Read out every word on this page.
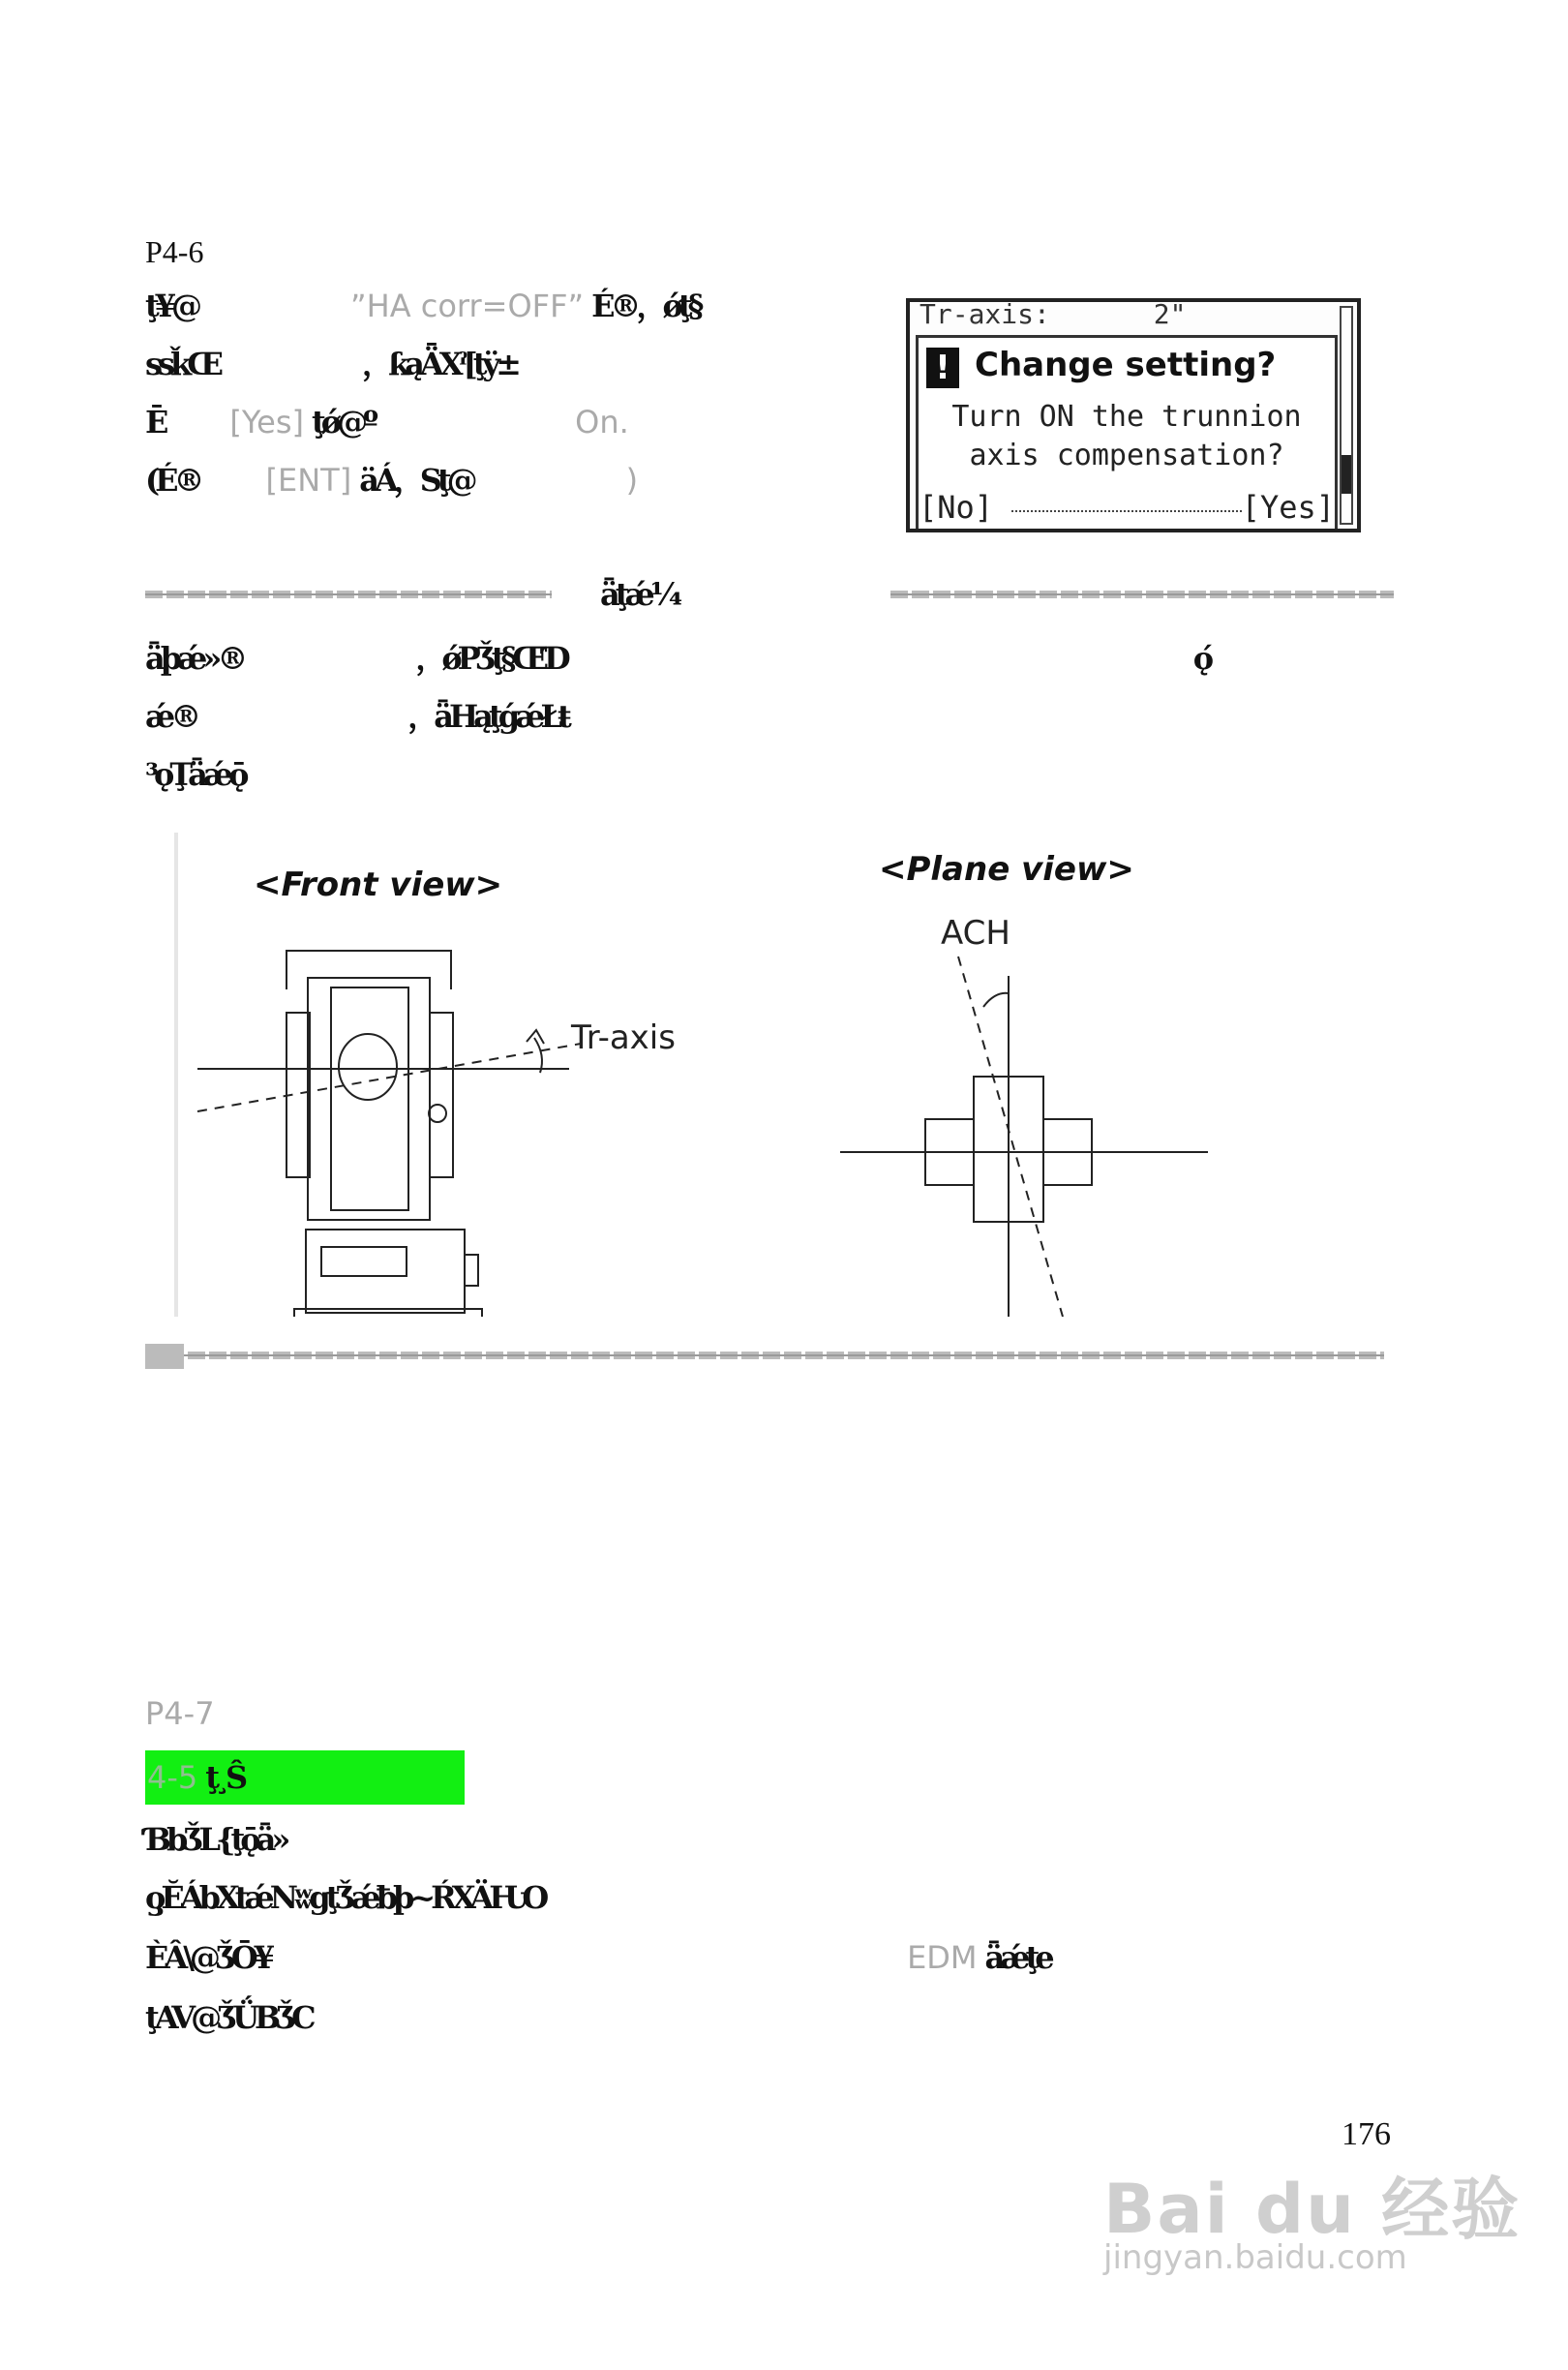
P4-6
ţ¥@	”HA corr=OFF” É®，ǿţ§
ssǩŒ	，ƙąǞXˀ[ţÿ±
Ē [Yes] ţǿ@º	On.
(É® [ENT] äÁ，Sţ@	)
Tr-axis:	2"
! Change setting?
Turn ON the trunnion
axis compensation?
[No]	[Yes]
ǟţǽ¼
ǟþǽ»®	，ǿPǮţ§ŒƊ	ǫ́
ǽ®	，ǟHąţǵǽŁŧ
³ǫŢǟǽǭ
<Front view>	<Plane view>
Tr-axis
ACH
P4-7
4-5 ţ¸Ŝ
ƁbǮL{ţǭǟ»
ƍĔÁbXtǽNʬgţǮǽƀþ~ŔXÄǶO
ÈÂ\@ǮŌ¥	EDM ǟǽţe
ţAV@ǮǗBǮC
176
Bai du 经验
jingyan.baidu.com
